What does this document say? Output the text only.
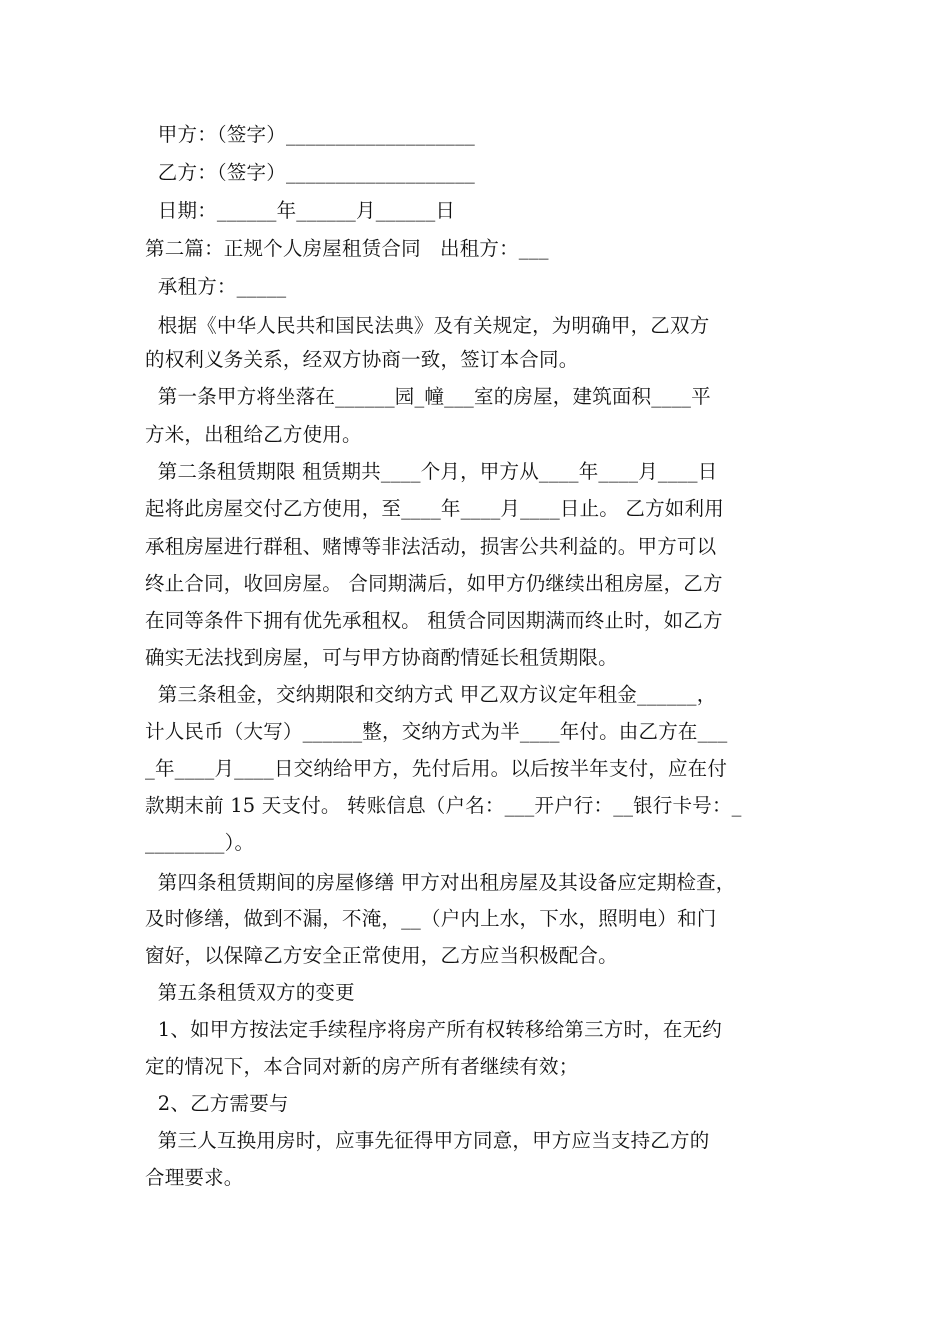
甲方：（签字）___________________
乙方：（签字）___________________
日期：______年______月______日
第二篇：正规个人房屋租赁合同   出租方：___
承租方：_____
根据《中华人民共和国民法典》及有关规定，为明确甲，乙双方
的权利义务关系，经双方协商一致，签订本合同。
第一条甲方将坐落在______园_幢___室的房屋，建筑面积____平
方米，出租给乙方使用。
第二条租赁期限 租赁期共____个月，甲方从____年____月____日
起将此房屋交付乙方使用，至____年____月____日止。 乙方如利用
承租房屋进行群租、赌博等非法活动，损害公共利益的。甲方可以
终止合同，收回房屋。 合同期满后，如甲方仍继续出租房屋，乙方
在同等条件下拥有优先承租权。 租赁合同因期满而终止时，如乙方
确实无法找到房屋，可与甲方协商酌情延长租赁期限。
第三条租金，交纳期限和交纳方式 甲乙双方议定年租金______，
计人民币（大写）______整，交纳方式为半____年付。由乙方在___
_年____月____日交纳给甲方，先付后用。以后按半年支付，应在付
款期末前 15 天支付。 转账信息（户名：___开户行：__银行卡号：_
________）。
第四条租赁期间的房屋修缮 甲方对出租房屋及其设备应定期检查，
及时修缮，做到不漏，不淹，__（户内上水，下水，照明电）和门
窗好，以保障乙方安全正常使用，乙方应当积极配合。
第五条租赁双方的变更
1、如甲方按法定手续程序将房产所有权转移给第三方时，在无约
定的情况下，本合同对新的房产所有者继续有效；
2、乙方需要与
第三人互换用房时，应事先征得甲方同意，甲方应当支持乙方的
合理要求。
